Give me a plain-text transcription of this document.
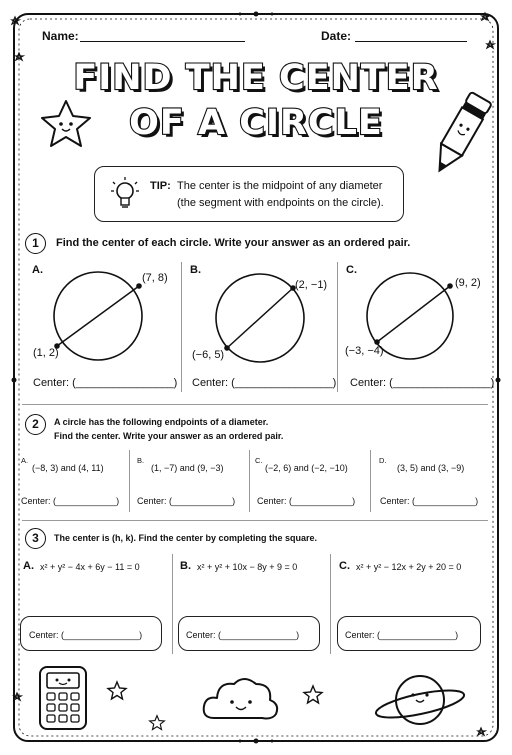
Name:	Date:
FIND THE CENTER
OF A CIRCLE
TIP: The center is the midpoint of any diameter
(the segment with endpoints on the circle).
1	Find the center of each circle. Write your answer as an ordered pair.
A.
(7, 8)
(1, 2)
Center: (________________)
B.
(2, −1)
(−6, 5)
Center: (________________)
C.
(9, 2)
(−3, −4)
Center: (________________)
2	A circle has the following endpoints of a diameter.
Find the center. Write your answer as an ordered pair.
A.
(−8, 3) and (4, 11)
Center: (____________)
B.
(1, −7) and (9, −3)
Center: (____________)
C.
(−2, 6) and (−2, −10)
Center: (____________)
D.
(3, 5) and (3, −9)
Center: (____________)
3	The center is (h, k). Find the center by completing the square.
A. x² + y² − 4x + 6y − 11 = 0
Center: (_______________)
B. x² + y² + 10x − 8y + 9 = 0
Center: (_______________)
C. x² + y² − 12x + 2y + 20 = 0
Center: (_______________)
